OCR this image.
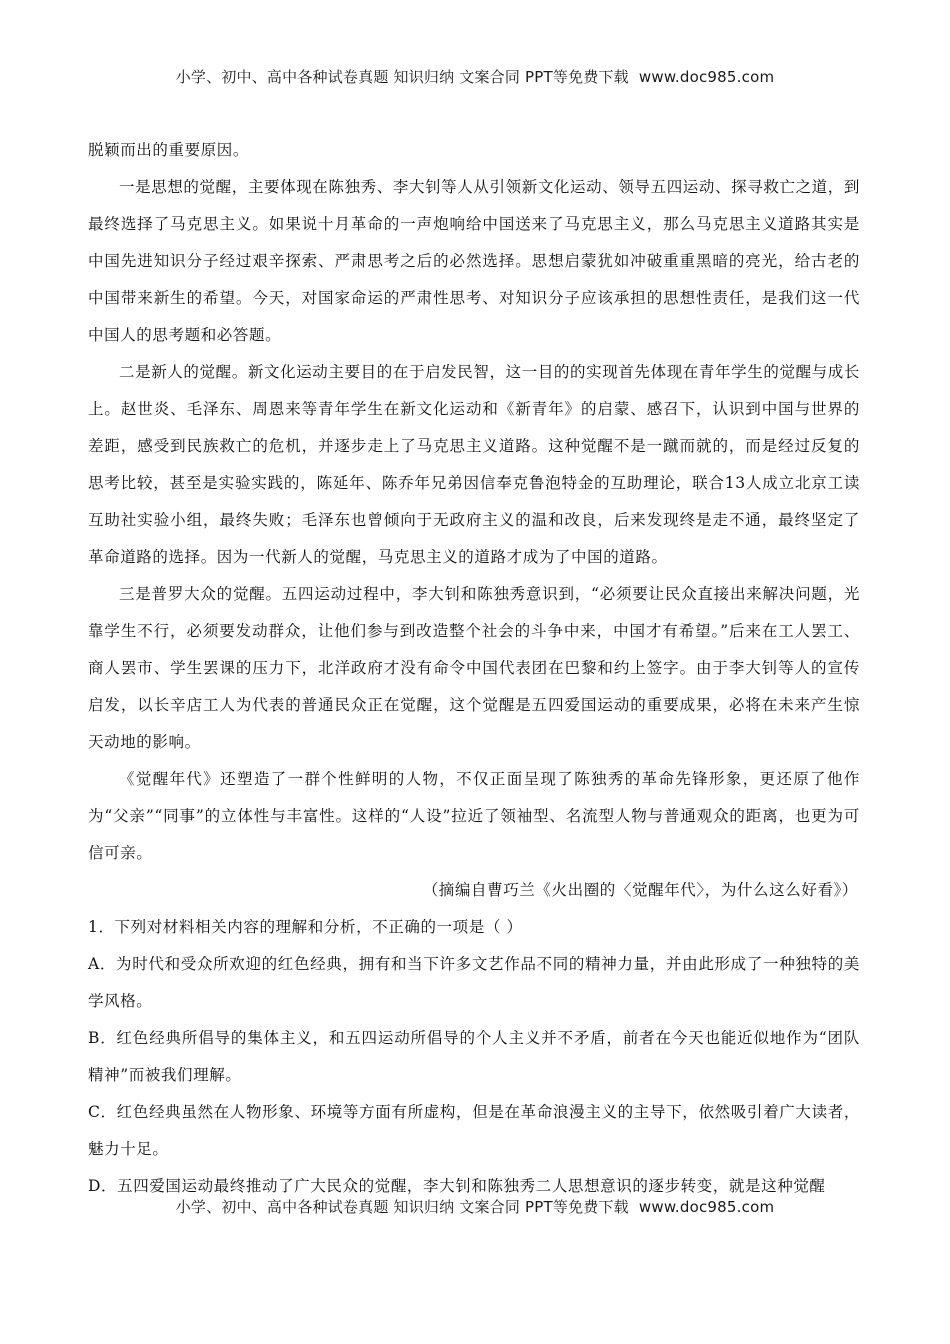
小学、初中、高中各种试卷真题 知识归纳 文案合同 PPT等免费下载 www.doc985.com

脱颖而出的重要原因。

一是思想的觉醒，主要体现在陈独秀、李大钊等人从引领新文化运动、领导五四运动、探寻救亡之道，到最终选择了马克思主义。如果说十月革命的一声炮响给中国送来了马克思主义，那么马克思主义道路其实是中国先进知识分子经过艰辛探索、严肃思考之后的必然选择。思想启蒙犹如冲破重重黑暗的亮光，给古老的中国带来新生的希望。今天，对国家命运的严肃性思考、对知识分子应该承担的思想性责任，是我们这一代中国人的思考题和必答题。

二是新人的觉醒。新文化运动主要目的在于启发民智，这一目的的实现首先体现在青年学生的觉醒与成长上。赵世炎、毛泽东、周恩来等青年学生在新文化运动和《新青年》的启蒙、感召下，认识到中国与世界的差距，感受到民族救亡的危机，并逐步走上了马克思主义道路。这种觉醒不是一蹴而就的，而是经过反复的思考比较，甚至是实验实践的，陈延年、陈乔年兄弟因信奉克鲁泡特金的互助理论，联合13人成立北京工读互助社实验小组，最终失败；毛泽东也曾倾向于无政府主义的温和改良，后来发现终是走不通，最终坚定了革命道路的选择。因为一代新人的觉醒，马克思主义的道路才成为了中国的道路。

三是普罗大众的觉醒。五四运动过程中，李大钊和陈独秀意识到，“必须要让民众直接出来解决问题，光靠学生不行，必须要发动群众，让他们参与到改造整个社会的斗争中来，中国才有希望。”后来在工人罢工、商人罢市、学生罢课的压力下，北洋政府才没有命令中国代表团在巴黎和约上签字。由于李大钊等人的宣传启发，以长辛店工人为代表的普通民众正在觉醒，这个觉醒是五四爱国运动的重要成果，必将在未来产生惊天动地的影响。

《觉醒年代》还塑造了一群个性鲜明的人物，不仅正面呈现了陈独秀的革命先锋形象，更还原了他作为“父亲”“同事”的立体性与丰富性。这样的“人设”拉近了领袖型、名流型人物与普通观众的距离，也更为可信可亲。

（摘编自曹巧兰《火出圈的〈觉醒年代〉，为什么这么好看》）

1．下列对材料相关内容的理解和分析，不正确的一项是（ ）

A．为时代和受众所欢迎的红色经典，拥有和当下许多文艺作品不同的精神力量，并由此形成了一种独特的美学风格。

B．红色经典所倡导的集体主义，和五四运动所倡导的个人主义并不矛盾，前者在今天也能近似地作为“团队精神”而被我们理解。

C．红色经典虽然在人物形象、环境等方面有所虚构，但是在革命浪漫主义的主导下，依然吸引着广大读者，魅力十足。

D．五四爱国运动最终推动了广大民众的觉醒，李大钊和陈独秀二人思想意识的逐步转变，就是这种觉醒

小学、初中、高中各种试卷真题 知识归纳 文案合同 PPT等免费下载 www.doc985.com
